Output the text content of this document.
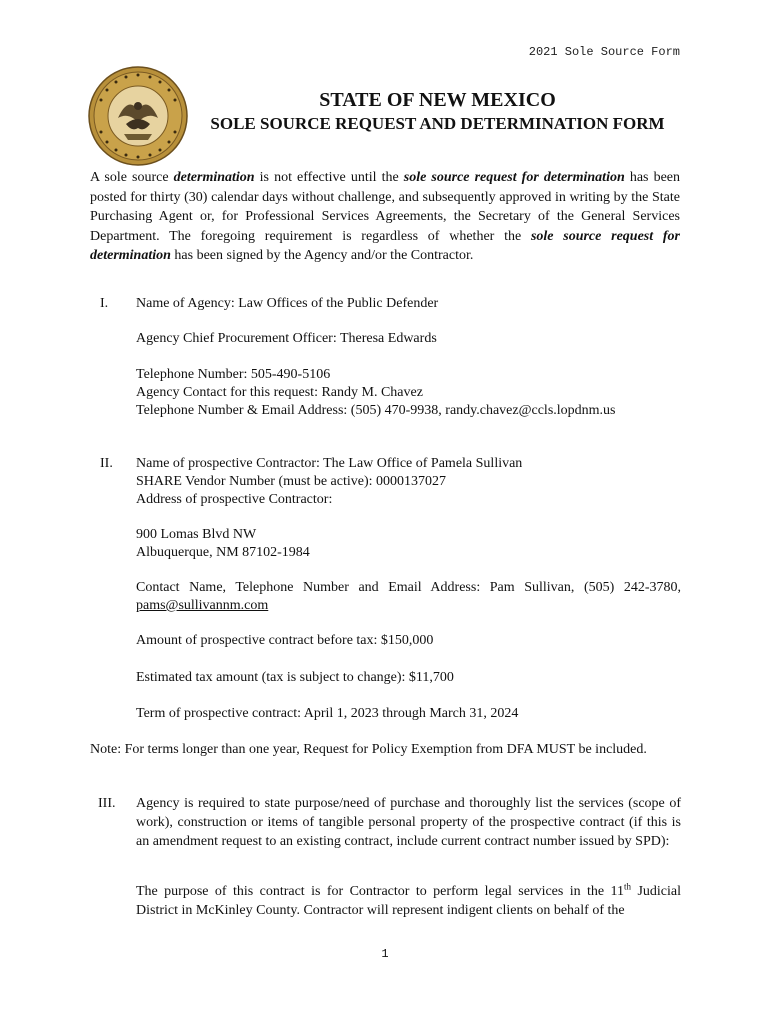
2021 Sole Source Form
STATE OF NEW MEXICO
SOLE SOURCE REQUEST AND DETERMINATION FORM
A sole source determination is not effective until the sole source request for determination has been posted for thirty (30) calendar days without challenge, and subsequently approved in writing by the State Purchasing Agent or, for Professional Services Agreements, the Secretary of the General Services Department. The foregoing requirement is regardless of whether the sole source request for determination has been signed by the Agency and/or the Contractor.
I. Name of Agency: Law Offices of the Public Defender
Agency Chief Procurement Officer: Theresa Edwards
Telephone Number: 505-490-5106
Agency Contact for this request: Randy M. Chavez
Telephone Number & Email Address: (505) 470-9938, randy.chavez@ccls.lopdnm.us
II. Name of prospective Contractor: The Law Office of Pamela Sullivan
SHARE Vendor Number (must be active): 0000137027
Address of prospective Contractor:
900 Lomas Blvd NW
Albuquerque, NM 87102-1984
Contact Name, Telephone Number and Email Address: Pam Sullivan, (505) 242-3780,
pams@sullivannm.com
Amount of prospective contract before tax: $150,000
Estimated tax amount (tax is subject to change): $11,700
Term of prospective contract: April 1, 2023 through March 31, 2024
Note: For terms longer than one year, Request for Policy Exemption from DFA MUST be included.
III. Agency is required to state purpose/need of purchase and thoroughly list the services (scope of work), construction or items of tangible personal property of the prospective contract (if this is an amendment request to an existing contract, include current contract number issued by SPD):
The purpose of this contract is for Contractor to perform legal services in the 11th Judicial District in McKinley County. Contractor will represent indigent clients on behalf of the
1
